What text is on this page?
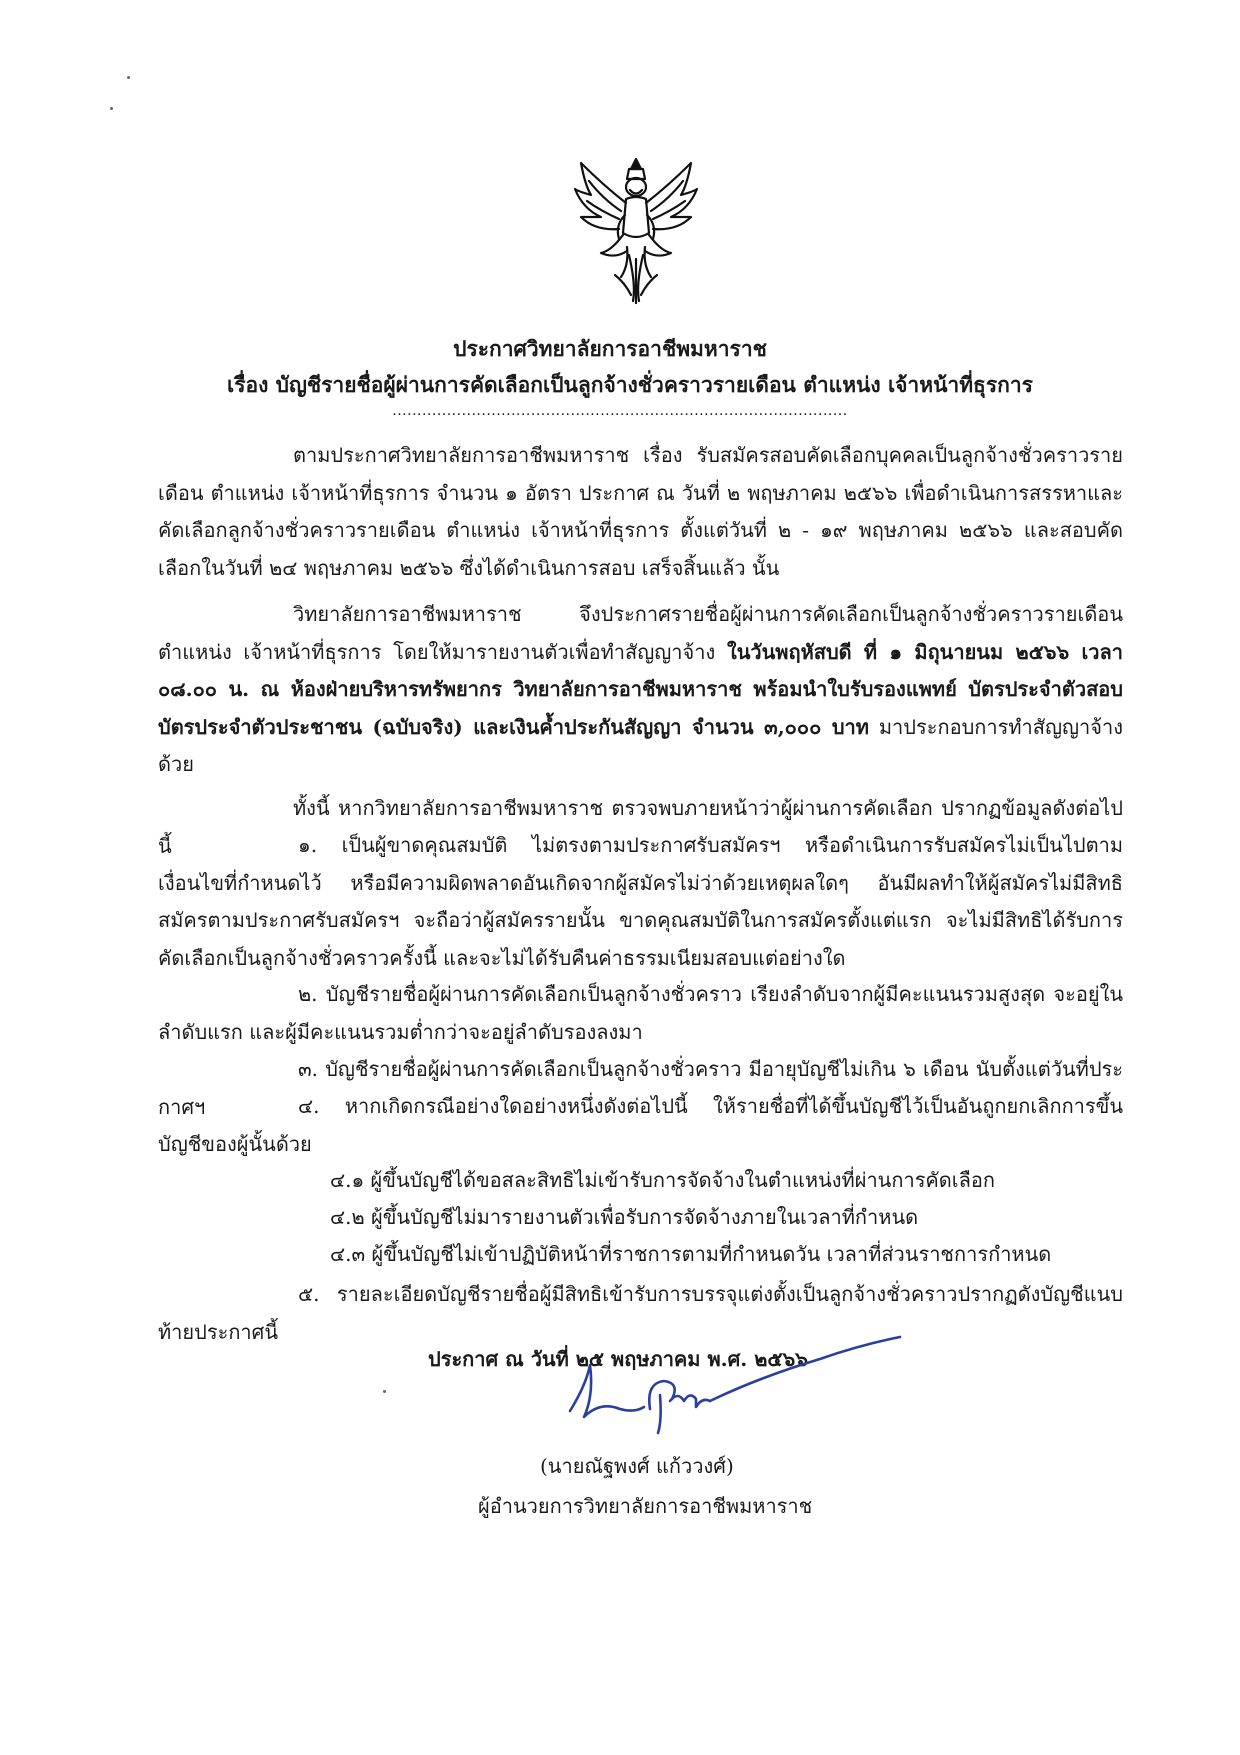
ประกาศวิทยาลัยการอาชีพมหาราช
เรื่อง บัญชีรายชื่อผู้ผ่านการคัดเลือกเป็นลูกจ้างชั่วคราวรายเดือน ตำแหน่ง เจ้าหน้าที่ธุรการ
............................................................................................
ตามประกาศวิทยาลัยการอาชีพมหาราช เรื่อง รับสมัครสอบคัดเลือกบุคคลเป็นลูกจ้างชั่วคราวรายเดือน ตำแหน่ง เจ้าหน้าที่ธุรการ จำนวน ๑ อัตรา ประกาศ ณ วันที่ ๒ พฤษภาคม ๒๕๖๖ เพื่อดำเนินการสรรหาและคัดเลือกลูกจ้างชั่วคราวรายเดือน ตำแหน่ง เจ้าหน้าที่ธุรการ ตั้งแต่วันที่ ๒ - ๑๙ พฤษภาคม ๒๕๖๖ และสอบคัดเลือกในวันที่ ๒๔ พฤษภาคม ๒๕๖๖ ซึ่งได้ดำเนินการสอบ เสร็จสิ้นแล้ว นั้น
วิทยาลัยการอาชีพมหาราช จึงประกาศรายชื่อผู้ผ่านการคัดเลือกเป็นลูกจ้างชั่วคราวรายเดือน ตำแหน่ง เจ้าหน้าที่ธุรการ โดยให้มารายงานตัวเพื่อทำสัญญาจ้าง ในวันพฤหัสบดี ที่ ๑ มิถุนายนม ๒๕๖๖ เวลา ๐๘.๐๐ น. ณ ห้องฝ่ายบริหารทรัพยากร วิทยาลัยการอาชีพมหาราช พร้อมนำใบรับรองแพทย์ บัตรประจำตัวสอบ บัตรประจำตัวประชาชน (ฉบับจริง) และเงินค้ำประกันสัญญา จำนวน ๓,๐๐๐ บาท มาประกอบการทำสัญญาจ้างด้วย
ทั้งนี้ หากวิทยาลัยการอาชีพมหาราช ตรวจพบภายหน้าว่าผู้ผ่านการคัดเลือก ปรากฏข้อมูลดังต่อไปนี้	๑. เป็นผู้ขาดคุณสมบัติ ไม่ตรงตามประกาศรับสมัครฯ หรือดำเนินการรับสมัครไม่เป็นไปตามเงื่อนไขที่กำหนดไว้ หรือมีความผิดพลาดอันเกิดจากผู้สมัครไม่ว่าด้วยเหตุผลใดๆ อันมีผลทำให้ผู้สมัครไม่มีสิทธิสมัครตามประกาศรับสมัครฯ จะถือว่าผู้สมัครรายนั้น ขาดคุณสมบัติในการสมัครตั้งแต่แรก จะไม่มีสิทธิได้รับการคัดเลือกเป็นลูกจ้างชั่วคราวครั้งนี้ และจะไม่ได้รับคืนค่าธรรมเนียมสอบแต่อย่างใด
๒. บัญชีรายชื่อผู้ผ่านการคัดเลือกเป็นลูกจ้างชั่วคราว เรียงลำดับจากผู้มีคะแนนรวมสูงสุด จะอยู่ในลำดับแรก และผู้มีคะแนนรวมต่ำกว่าจะอยู่ลำดับรองลงมา
๓. บัญชีรายชื่อผู้ผ่านการคัดเลือกเป็นลูกจ้างชั่วคราว มีอายุบัญชีไม่เกิน ๖ เดือน นับตั้งแต่วันที่ประกาศฯ	๔. หากเกิดกรณีอย่างใดอย่างหนึ่งดังต่อไปนี้ ให้รายชื่อที่ได้ขึ้นบัญชีไว้เป็นอันถูกยกเลิกการขึ้นบัญชีของผู้นั้นด้วย
๔.๑ ผู้ขึ้นบัญชีได้ขอสละสิทธิไม่เข้ารับการจัดจ้างในตำแหน่งที่ผ่านการคัดเลือก
๔.๒ ผู้ขึ้นบัญชีไม่มารายงานตัวเพื่อรับการจัดจ้างภายในเวลาที่กำหนด
๔.๓ ผู้ขึ้นบัญชีไม่เข้าปฏิบัติหน้าที่ราชการตามที่กำหนดวัน เวลาที่ส่วนราชการกำหนด
๕. รายละเอียดบัญชีรายชื่อผู้มีสิทธิเข้ารับการบรรจุแต่งตั้งเป็นลูกจ้างชั่วคราวปรากฏดังบัญชีแนบท้ายประกาศนี้
ประกาศ ณ วันที่ ๒๕ พฤษภาคม พ.ศ. ๒๕๖๖
(นายณัฐพงศ์ แก้ววงศ์)
ผู้อำนวยการวิทยาลัยการอาชีพมหาราช
